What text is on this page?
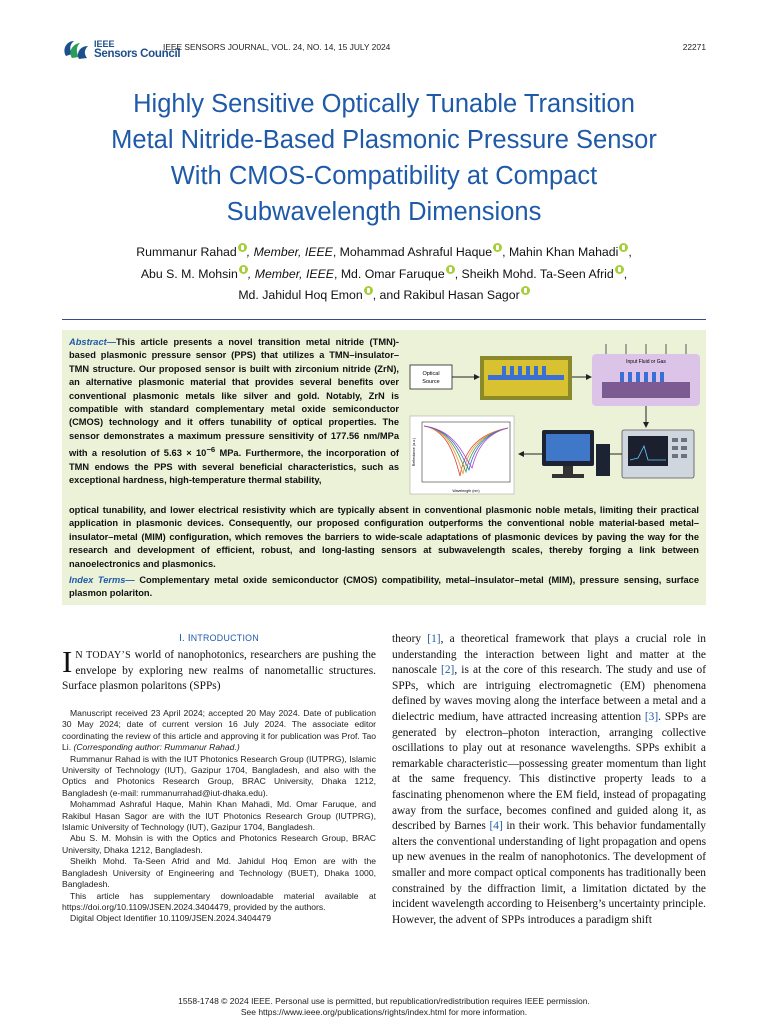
IEEE
Sensors Council
IEEE SENSORS JOURNAL, VOL. 24, NO. 14, 15 JULY 2024	22271
Highly Sensitive Optically Tunable Transition
Metal Nitride-Based Plasmonic Pressure Sensor
With CMOS-Compatibility at Compact
Subwavelength Dimensions
Rummanur Rahad , Member, IEEE, Mohammad Ashraful Haque , Mahin Khan Mahadi ,
Abu S. M. Mohsin , Member, IEEE, Md. Omar Faruque , Sheikh Mohd. Ta-Seen Afrid ,
Md. Jahidul Hoq Emon , and Rakibul Hasan Sagor
Abstract—This article presents a novel transition metal nitride (TMN)-based plasmonic pressure sensor (PPS) that utilizes a TMN–insulator–TMN structure. Our proposed sensor is built with zirconium nitride (ZrN), an alternative plasmonic material that provides several benefits over conventional plasmonic metals like silver and gold. Notably, ZrN is compatible with standard complementary metal oxide semiconductor (CMOS) technology and it offers tunability of optical properties. The sensor demonstrates a maximum pressure sensitivity of 177.56 nm/MPa with a resolution of $5.63 \times 10^{-6}$ MPa. Furthermore, the incorporation of TMN endows the PPS with several beneficial characteristics, such as exceptional hardness, high-temperature thermal stability,
Optical
Source
Input Fluid or Gas
Wavelength (nm)
Reflectance (a.u.)
optical tunability, and lower electrical resistivity which are typically absent in conventional plasmonic noble metals, limiting their practical application in plasmonic devices. Consequently, our proposed configuration outperforms the conventional noble material-based metal–insulator–metal (MIM) configuration, which removes the barriers to wide-scale adaptations of plasmonic devices by paving the way for the research and development of efficient, robust, and long-lasting sensors at subwavelength scales, thereby forging a link between nanoelectronics and plasmonics.
Index Terms— Complementary metal oxide semiconductor (CMOS) compatibility, metal–insulator–metal (MIM), pressure sensing, surface plasmon polariton.
I. INTRODUCTION
I N TODAY’S world of nanophotonics, researchers are pushing the envelope by exploring new realms of nanometallic structures. Surface plasmon polaritons (SPPs)

Manuscript received 23 April 2024; accepted 20 May 2024. Date of publication 30 May 2024; date of current version 16 July 2024. The associate editor coordinating the review of this article and approving it for publication was Prof. Tao Li. (Corresponding author: Rummanur Rahad.)

Rummanur Rahad is with the IUT Photonics Research Group (IUTPRG), Islamic University of Technology (IUT), Gazipur 1704, Bangladesh, and also with the Optics and Photonics Research Group, BRAC University, Dhaka 1212, Bangladesh (e-mail: rummanurrahad@iut-dhaka.edu).

Mohammad Ashraful Haque, Mahin Khan Mahadi, Md. Omar Faruque, and Rakibul Hasan Sagor are with the IUT Photonics Research Group (IUTPRG), Islamic University of Technology (IUT), Gazipur 1704, Bangladesh.

Abu S. M. Mohsin is with the Optics and Photonics Research Group, BRAC University, Dhaka 1212, Bangladesh.

Sheikh Mohd. Ta-Seen Afrid and Md. Jahidul Hoq Emon are with the Bangladesh University of Engineering and Technology (BUET), Dhaka 1000, Bangladesh.

This article has supplementary downloadable material available at https://doi.org/10.1109/JSEN.2024.3404479, provided by the authors.

Digital Object Identifier 10.1109/JSEN.2024.3404479

theory [1], a theoretical framework that plays a crucial role in understanding the interaction between light and matter at the nanoscale [2], is at the core of this research. The study and use of SPPs, which are intriguing electromagnetic (EM) phenomena defined by waves moving along the interface between a metal and a dielectric medium, have attracted increasing attention [3]. SPPs are generated by electron–photon interaction, arranging collective oscillations to play out at resonance wavelengths. SPPs exhibit a remarkable characteristic—possessing greater momentum than light at the same frequency. This distinctive property leads to a fascinating phenomenon where the EM field, instead of propagating away from the surface, becomes confined and guided along it, as described by Barnes [4] in their work. This behavior fundamentally alters the conventional understanding of light propagation and opens up new avenues in the realm of nanophotonics. The development of smaller and more compact optical components has traditionally been constrained by the diffraction limit, a limitation dictated by the incident wavelength according to Heisenberg’s uncertainty principle. However, the advent of SPPs introduces a paradigm shift
1558-1748 © 2024 IEEE. Personal use is permitted, but republication/redistribution requires IEEE permission.
See https://www.ieee.org/publications/rights/index.html for more information.
